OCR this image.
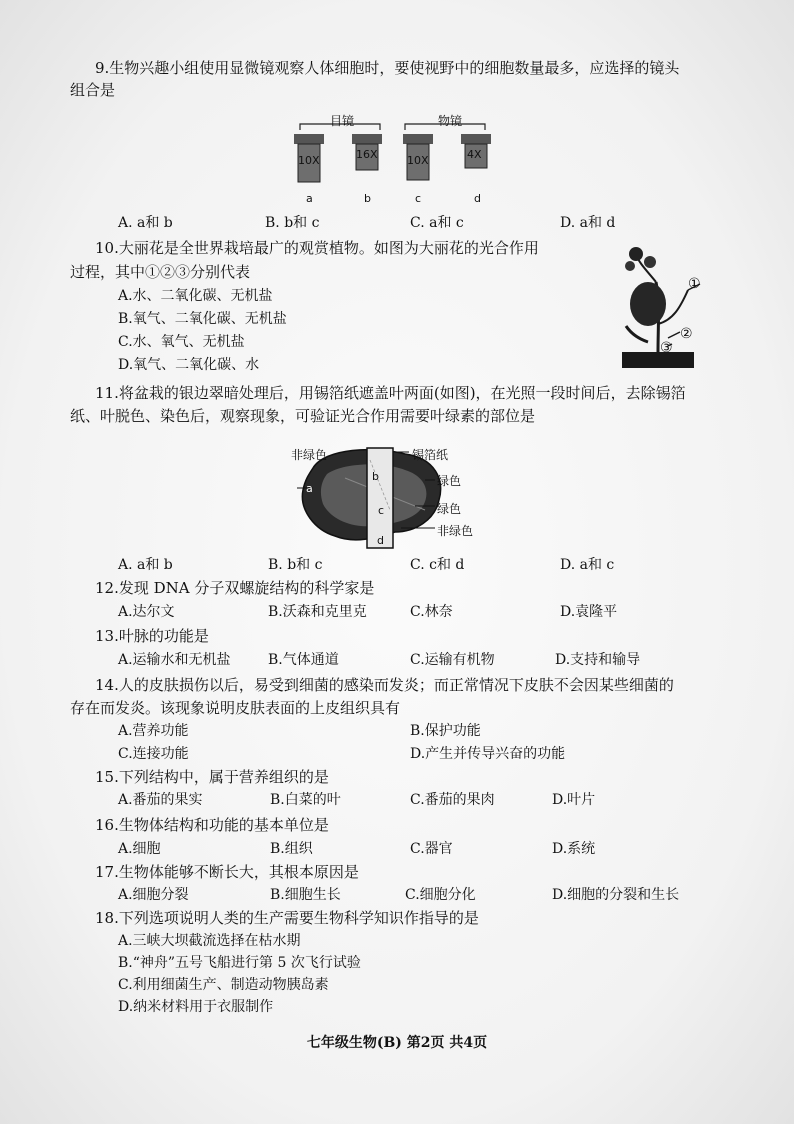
9.生物兴趣小组使用显微镜观察人体细胞时，要使视野中的细胞数量最多，应选择的镜头
组合是
目镜	物镜
10X	16X	10X	4X
a	b	c	d
A. a和 b	B. b和 c	C. a和 c	D. a和 d
10.大丽花是全世界栽培最广的观赏植物。如图为大丽花的光合作用
过程，其中①②③分别代表
A.水、二氧化碳、无机盐
B.氧气、二氧化碳、无机盐
C.水、氧气、无机盐
D.氧气、二氧化碳、水
①
②
③
11.将盆栽的银边翠暗处理后，用锡箔纸遮盖叶两面(如图)，在光照一段时间后，去除锡箔
纸、叶脱色、染色后，观察现象，可验证光合作用需要叶绿素的部位是
非绿色	锡箔纸
绿色
绿色
非绿色
a
b
c
d
A. a和 b	B. b和 c	C. c和 d	D. a和 c
12.发现 DNA 分子双螺旋结构的科学家是
A.达尔文	B.沃森和克里克	C.林奈	D.袁隆平
13.叶脉的功能是
A.运输水和无机盐	B.气体通道	C.运输有机物	D.支持和输导
14.人的皮肤损伤以后，易受到细菌的感染而发炎；而正常情况下皮肤不会因某些细菌的
存在而发炎。该现象说明皮肤表面的上皮组织具有
A.营养功能	B.保护功能
C.连接功能	D.产生并传导兴奋的功能
15.下列结构中，属于营养组织的是
A.番茄的果实	B.白菜的叶	C.番茄的果肉	D.叶片
16.生物体结构和功能的基本单位是
A.细胞	B.组织	C.器官	D.系统
17.生物体能够不断长大，其根本原因是
A.细胞分裂	B.细胞生长	C.细胞分化	D.细胞的分裂和生长
18.下列选项说明人类的生产需要生物科学知识作指导的是
A.三峡大坝截流选择在枯水期
B.“神舟”五号飞船进行第 5 次飞行试验
C.利用细菌生产、制造动物胰岛素
D.纳米材料用于衣服制作
七年级生物(B) 第2页 共4页
